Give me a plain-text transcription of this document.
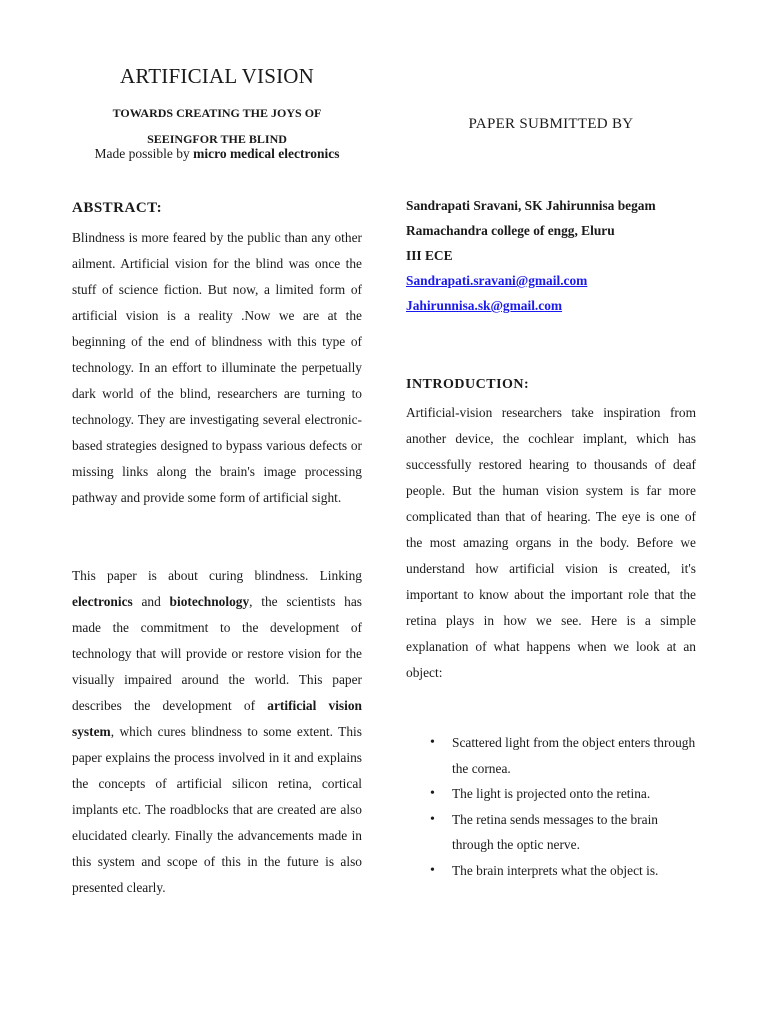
ARTIFICIAL VISION
TOWARDS CREATING THE JOYS OF
SEEINGFOR THE BLIND
Made possible by micro medical electronics
ABSTRACT:

Blindness is more feared by the public than any other ailment. Artificial vision for the blind was once the stuff of science fiction. But now, a limited form of artificial vision is a reality .Now we are at the beginning of the end of blindness with this type of technology. In an effort to illuminate the perpetually dark world of the blind, researchers are turning to technology. They are investigating several electronic-based strategies designed to bypass various defects or missing links along the brain's image processing pathway and provide some form of artificial sight.

This paper is about curing blindness. Linking electronics and biotechnology, the scientists has made the commitment to the development of technology that will provide or restore vision for the visually impaired around the world. This paper describes the development of artificial vision system, which cures blindness to some extent. This paper explains the process involved in it and explains the concepts of artificial silicon retina, cortical implants etc. The roadblocks that are created are also elucidated clearly. Finally the advancements made in this system and scope of this in the future is also presented clearly.

PAPER SUBMITTED BY
Sandrapati Sravani, SK Jahirunnisa begam
Ramachandra college of engg, Eluru
III ECE
Sandrapati.sravani@gmail.com
Jahirunnisa.sk@gmail.com
INTRODUCTION:

Artificial-vision researchers take inspiration from another device, the cochlear implant, which has successfully restored hearing to thousands of deaf people. But the human vision system is far more complicated than that of hearing. The eye is one of the most amazing organs in the body. Before we understand how artificial vision is created, it's important to know about the important role that the retina plays in how we see. Here is a simple explanation of what happens when we look at an object:

• Scattered light from the object enters through the cornea.
• The light is projected onto the retina.
• The retina sends messages to the brain through the optic nerve.
• The brain interprets what the object is.
